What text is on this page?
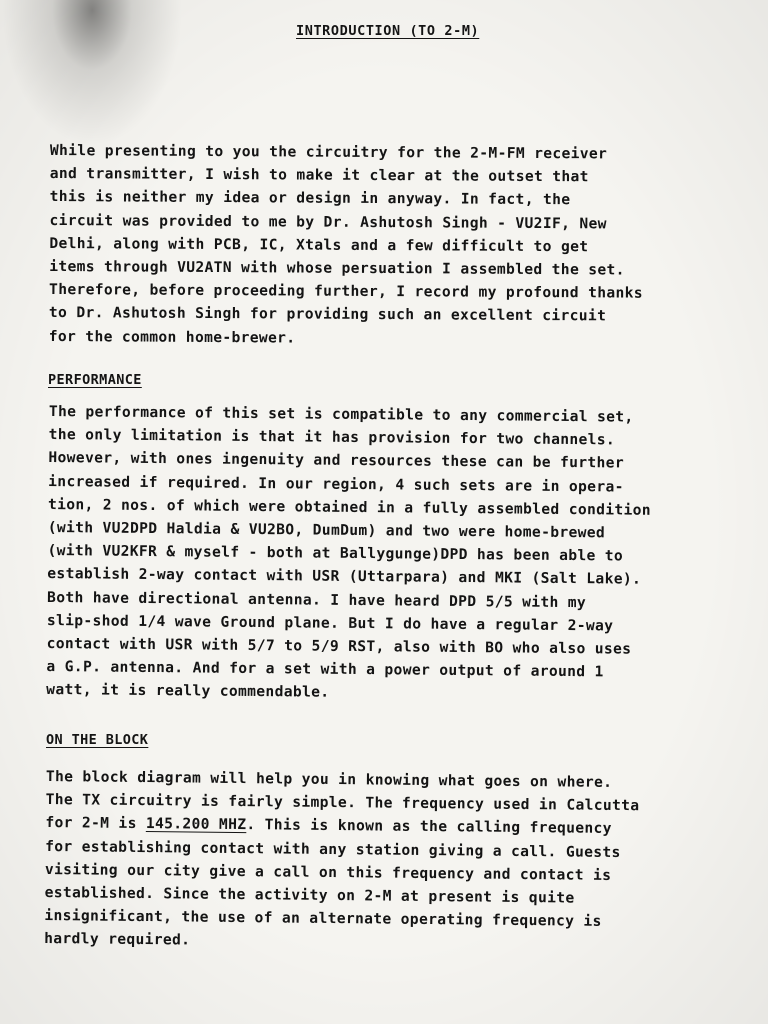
INTRODUCTION (TO 2-M)
While presenting to you the circuitry for the 2-M-FM receiver
and transmitter, I wish to make it clear at the outset that
this is neither my idea or design in anyway. In fact, the
circuit was provided to me by Dr. Ashutosh Singh - VU2IF, New
Delhi, along with PCB, IC, Xtals and a few difficult to get
items through VU2ATN with whose persuation I assembled the set.
Therefore, before proceeding further, I record my profound thanks
to Dr. Ashutosh Singh for providing such an excellent circuit
for the common home-brewer.
PERFORMANCE
The performance of this set is compatible to any commercial set,
the only limitation is that it has provision for two channels.
However, with ones ingenuity and resources these can be further
increased if required. In our region, 4 such sets are in opera-
tion, 2 nos. of which were obtained in a fully assembled condition
(with VU2DPD Haldia & VU2BO, DumDum) and two were home-brewed
(with VU2KFR & myself - both at Ballygunge)DPD has been able to
establish 2-way contact with USR (Uttarpara) and MKI (Salt Lake).
Both have directional antenna. I have heard DPD 5/5 with my
slip-shod 1/4 wave Ground plane. But I do have a regular 2-way
contact with USR with 5/7 to 5/9 RST, also with BO who also uses
a G.P. antenna. And for a set with a power output of around 1
watt, it is really commendable.
ON THE BLOCK
The block diagram will help you in knowing what goes on where.
The TX circuitry is fairly simple. The frequency used in Calcutta
for 2-M is 145.200 MHZ. This is known as the calling frequency
for establishing contact with any station giving a call. Guests
visiting our city give a call on this frequency and contact is
established. Since the activity on 2-M at present is quite
insignificant, the use of an alternate operating frequency is
hardly required.
